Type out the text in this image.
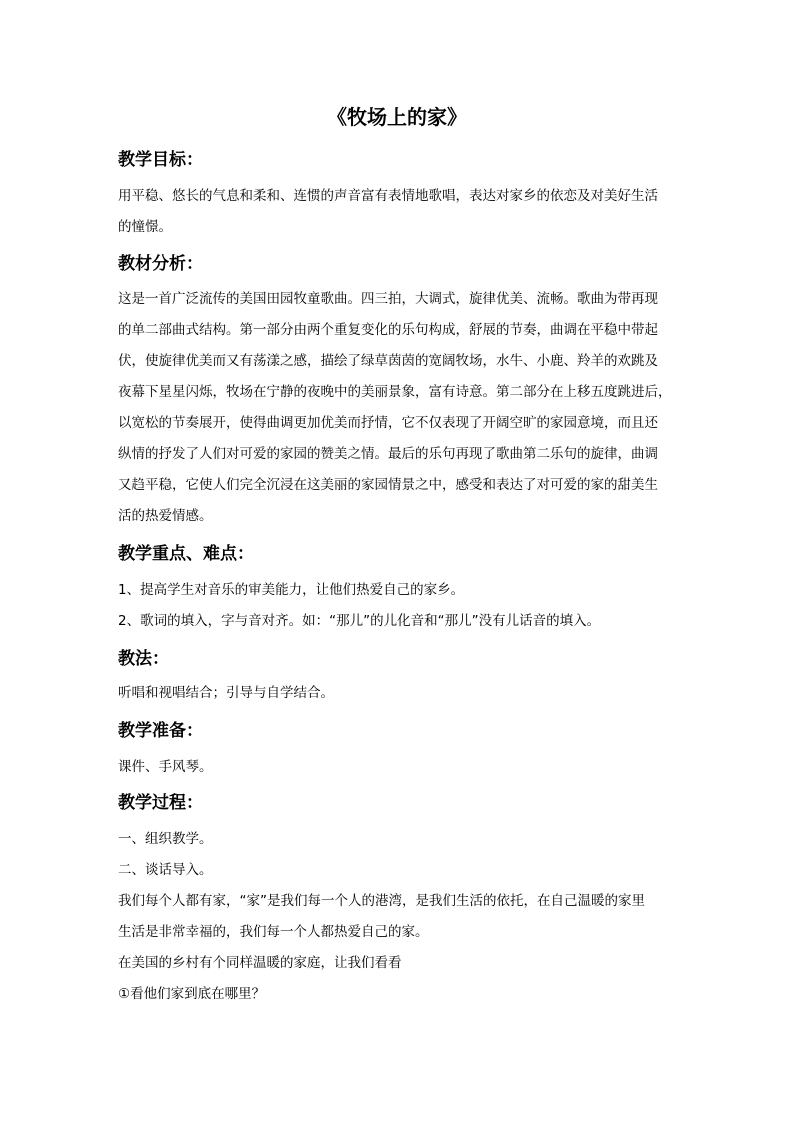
《牧场上的家》
教学目标：
用平稳、悠长的气息和柔和、连惯的声音富有表情地歌唱，表达对家乡的依恋及对美好生活
的憧憬。
教材分析：
这是一首广泛流传的美国田园牧童歌曲。四三拍，大调式，旋律优美、流畅。歌曲为带再现
的单二部曲式结构。第一部分由两个重复变化的乐句构成，舒展的节奏，曲调在平稳中带起
伏，使旋律优美而又有荡漾之感，描绘了绿草茵茵的宽阔牧场，水牛、小鹿、羚羊的欢跳及
夜幕下星星闪烁，牧场在宁静的夜晚中的美丽景象，富有诗意。第二部分在上移五度跳进后，
以宽松的节奏展开，使得曲调更加优美而抒情，它不仅表现了开阔空旷的家园意境，而且还
纵情的抒发了人们对可爱的家园的赞美之情。最后的乐句再现了歌曲第二乐句的旋律，曲调
又趋平稳，它使人们完全沉浸在这美丽的家园情景之中，感受和表达了对可爱的家的甜美生
活的热爱情感。
教学重点、难点：
1、提高学生对音乐的审美能力，让他们热爱自己的家乡。
2、歌词的填入，字与音对齐。如：“那儿”的儿化音和“那儿”没有儿话音的填入。
教法：
听唱和视唱结合；引导与自学结合。
教学准备：
课件、手风琴。
教学过程：
一、组织教学。
二、谈话导入。
我们每个人都有家，“家”是我们每一个人的港湾，是我们生活的依托，在自己温暖的家里
生活是非常幸福的，我们每一个人都热爱自己的家。
在美国的乡村有个同样温暖的家庭，让我们看看
①看他们家到底在哪里？
